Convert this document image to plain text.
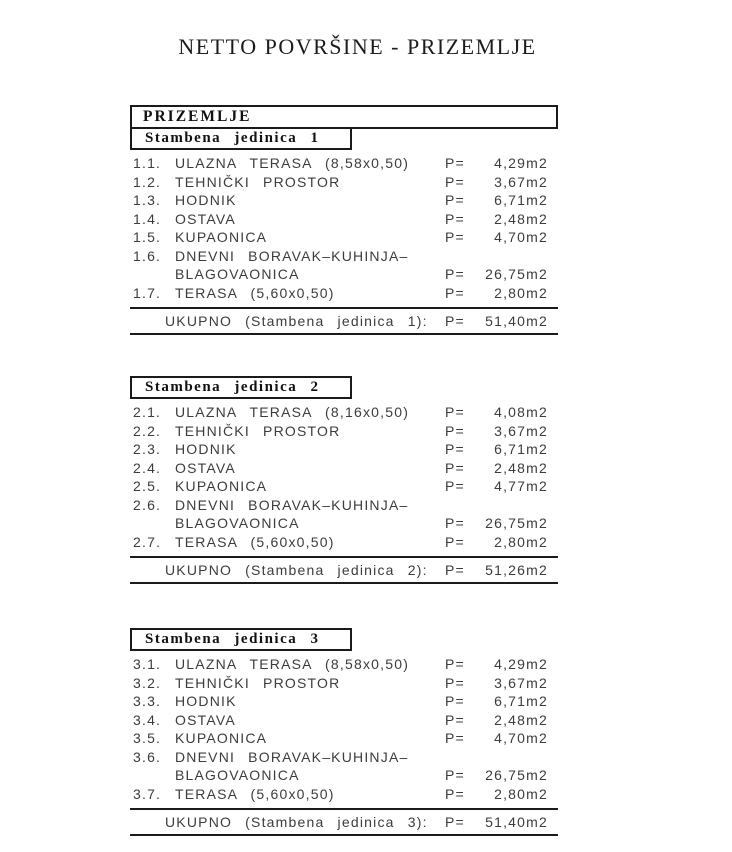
NETTO POVRŠINE - PRIZEMLJE
PRIZEMLJE
Stambena jedinica 1
1.1. ULAZNA TERASA (8,58x0,50)	P=	4,29m2
1.2. TEHNIČKI PROSTOR	P=	3,67m2
1.3. HODNIK	P=	6,71m2
1.4. OSTAVA	P=	2,48m2
1.5. KUPAONICA	P=	4,70m2
1.6. DNEVNI BORAVAK–KUHINJA–
BLAGOVAONICA	P=	26,75m2
1.7. TERASA (5,60x0,50)	P=	2,80m2
UKUPNO (Stambena jedinica 1):	P=	51,40m2
Stambena jedinica 2
2.1. ULAZNA TERASA (8,16x0,50)	P=	4,08m2
2.2. TEHNIČKI PROSTOR	P=	3,67m2
2.3. HODNIK	P=	6,71m2
2.4. OSTAVA	P=	2,48m2
2.5. KUPAONICA	P=	4,77m2
2.6. DNEVNI BORAVAK–KUHINJA–
BLAGOVAONICA	P=	26,75m2
2.7. TERASA (5,60x0,50)	P=	2,80m2
UKUPNO (Stambena jedinica 2):	P=	51,26m2
Stambena jedinica 3
3.1. ULAZNA TERASA (8,58x0,50)	P=	4,29m2
3.2. TEHNIČKI PROSTOR	P=	3,67m2
3.3. HODNIK	P=	6,71m2
3.4. OSTAVA	P=	2,48m2
3.5. KUPAONICA	P=	4,70m2
3.6. DNEVNI BORAVAK–KUHINJA–
BLAGOVAONICA	P=	26,75m2
3.7. TERASA (5,60x0,50)	P=	2,80m2
UKUPNO (Stambena jedinica 3):	P=	51,40m2
